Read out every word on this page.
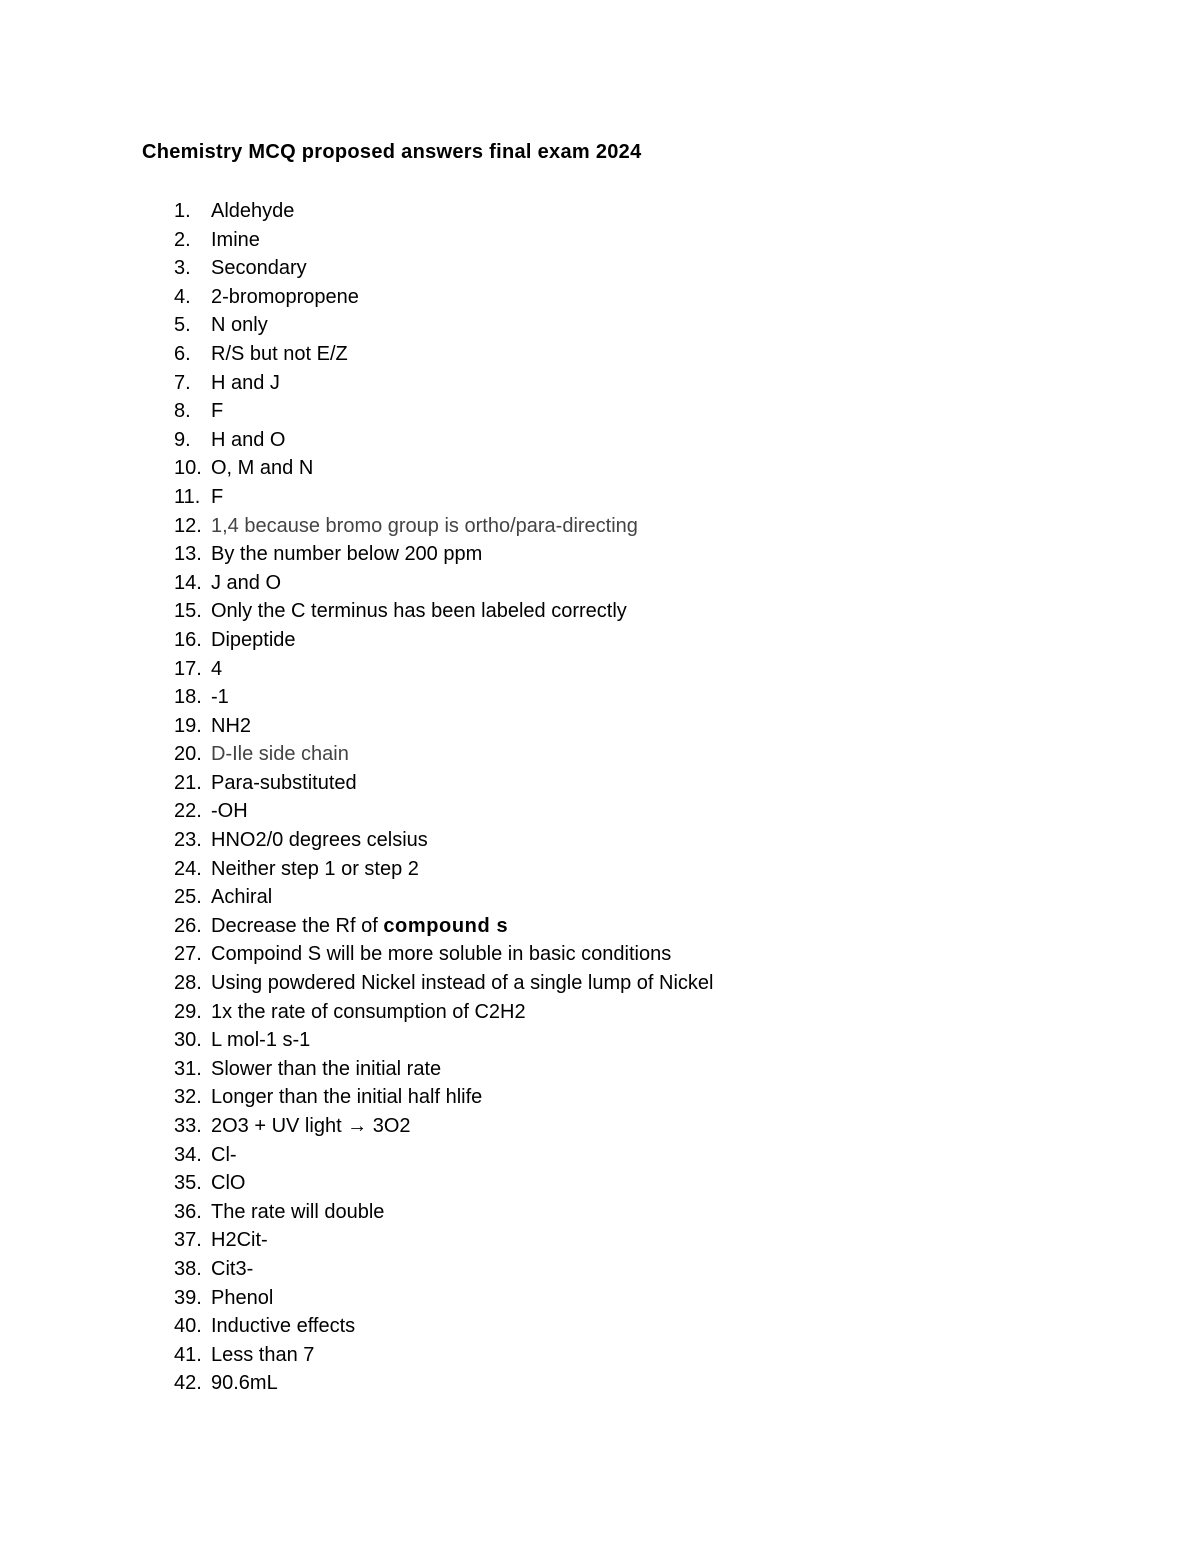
Chemistry MCQ proposed answers final exam 2024
1. Aldehyde
2. Imine
3. Secondary
4. 2-bromopropene
5. N only
6. R/S but not E/Z
7. H and J
8. F
9. H and O
10. O, M and N
11. F
12. 1,4 because bromo group is ortho/para-directing
13. By the number below 200 ppm
14. J and O
15. Only the C terminus has been labeled correctly
16. Dipeptide
17. 4
18. -1
19. NH2
20. D-Ile side chain
21. Para-substituted
22. -OH
23. HNO2/0 degrees celsius
24. Neither step 1 or step 2
25. Achiral
26. Decrease the Rf of compound s
27. Compoind S will be more soluble in basic conditions
28. Using powdered Nickel instead of a single lump of Nickel
29. 1x the rate of consumption of C2H2
30. L mol-1 s-1
31. Slower than the initial rate
32. Longer than the initial half hlife
33. 2O3 + UV light → 3O2
34. Cl-
35. ClO
36. The rate will double
37. H2Cit-
38. Cit3-
39. Phenol
40. Inductive effects
41. Less than 7
42. 90.6mL
